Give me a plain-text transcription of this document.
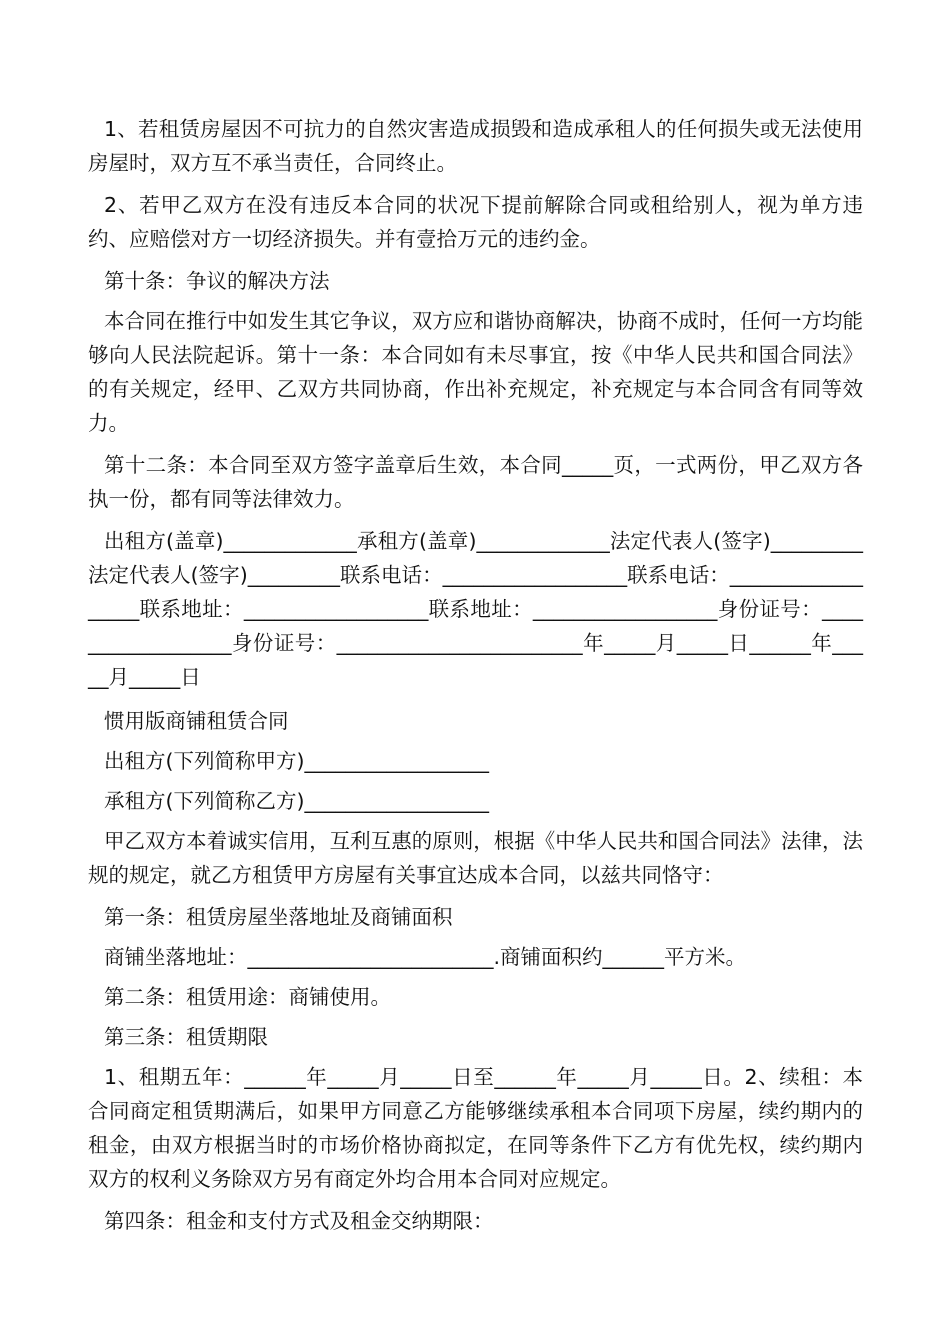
1、若租赁房屋因不可抗力的自然灾害造成损毁和造成承租人的任何损失或无法使用房屋时，双方互不承当责任，合同终止。

2、若甲乙双方在没有违反本合同的状况下提前解除合同或租给别人，视为单方违约、应赔偿对方一切经济损失。并有壹拾万元的违约金。

第十条：争议的解决方法

本合同在推行中如发生其它争议，双方应和谐协商解决，协商不成时，任何一方均能够向人民法院起诉。第十一条：本合同如有未尽事宜，按《中华人民共和国合同法》的有关规定，经甲、乙双方共同协商，作出补充规定，补充规定与本合同含有同等效力。

第十二条：本合同至双方签字盖章后生效，本合同_____页，一式两份，甲乙双方各执一份，都有同等法律效力。

出租方(盖章)_____________承租方(盖章)_____________法定代表人(签字)_________法定代表人(签字)_________联系电话：__________________联系电话：__________________联系地址：__________________联系地址：__________________身份证号：__________________身份证号：________________________年_____月_____日______年_____月_____日

惯用版商铺租赁合同

出租方(下列简称甲方)__________________

承租方(下列简称乙方)__________________

甲乙双方本着诚实信用，互利互惠的原则，根据《中华人民共和国合同法》法律，法规的规定，就乙方租赁甲方房屋有关事宜达成本合同，以兹共同恪守：

第一条：租赁房屋坐落地址及商铺面积

商铺坐落地址：________________________.商铺面积约______平方米。

第二条：租赁用途：商铺使用。

第三条：租赁期限

1、租期五年：______年_____月_____日至______年_____月_____日。2、续租：本合同商定租赁期满后，如果甲方同意乙方能够继续承租本合同项下房屋，续约期内的租金，由双方根据当时的市场价格协商拟定，在同等条件下乙方有优先权，续约期内双方的权利义务除双方另有商定外均合用本合同对应规定。

第四条：租金和支付方式及租金交纳期限：
